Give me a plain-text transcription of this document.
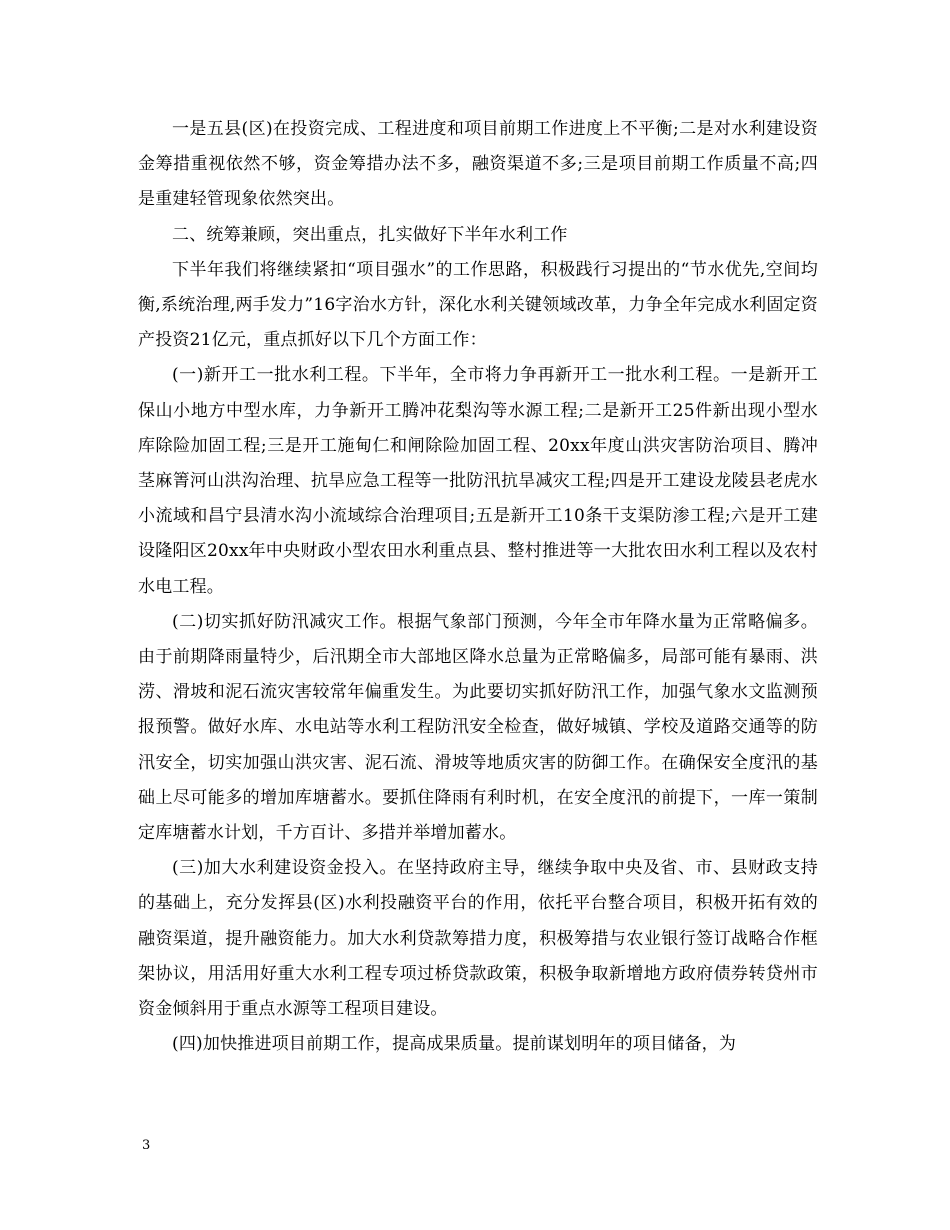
一是五县(区)在投资完成、工程进度和项目前期工作进度上不平衡;二是对水利建设资金筹措重视依然不够，资金筹措办法不多，融资渠道不多;三是项目前期工作质量不高;四是重建轻管现象依然突出。

二、统筹兼顾，突出重点，扎实做好下半年水利工作

下半年我们将继续紧扣“项目强水”的工作思路，积极践行习提出的“节水优先,空间均衡,系统治理,两手发力”16字治水方针，深化水利关键领域改革，力争全年完成水利固定资产投资21亿元，重点抓好以下几个方面工作：

(一)新开工一批水利工程。下半年，全市将力争再新开工一批水利工程。一是新开工保山小地方中型水库，力争新开工腾冲花梨沟等水源工程;二是新开工25件新出现小型水库除险加固工程;三是开工施甸仁和闸除险加固工程、20xx年度山洪灾害防治项目、腾冲茎麻箐河山洪沟治理、抗旱应急工程等一批防汛抗旱减灾工程;四是开工建设龙陵县老虎水小流域和昌宁县清水沟小流域综合治理项目;五是新开工10条干支渠防渗工程;六是开工建设隆阳区20xx年中央财政小型农田水利重点县、整村推进等一大批农田水利工程以及农村水电工程。

(二)切实抓好防汛减灾工作。根据气象部门预测，今年全市年降水量为正常略偏多。由于前期降雨量特少，后汛期全市大部地区降水总量为正常略偏多，局部可能有暴雨、洪涝、滑坡和泥石流灾害较常年偏重发生。为此要切实抓好防汛工作，加强气象水文监测预报预警。做好水库、水电站等水利工程防汛安全检查，做好城镇、学校及道路交通等的防汛安全，切实加强山洪灾害、泥石流、滑坡等地质灾害的防御工作。在确保安全度汛的基础上尽可能多的增加库塘蓄水。要抓住降雨有利时机，在安全度汛的前提下，一库一策制定库塘蓄水计划，千方百计、多措并举增加蓄水。

(三)加大水利建设资金投入。在坚持政府主导，继续争取中央及省、市、县财政支持的基础上，充分发挥县(区)水利投融资平台的作用，依托平台整合项目，积极开拓有效的融资渠道，提升融资能力。加大水利贷款筹措力度，积极筹措与农业银行签订战略合作框架协议，用活用好重大水利工程专项过桥贷款政策，积极争取新增地方政府债券转贷州市资金倾斜用于重点水源等工程项目建设。

(四)加快推进项目前期工作，提高成果质量。提前谋划明年的项目储备，为

3
